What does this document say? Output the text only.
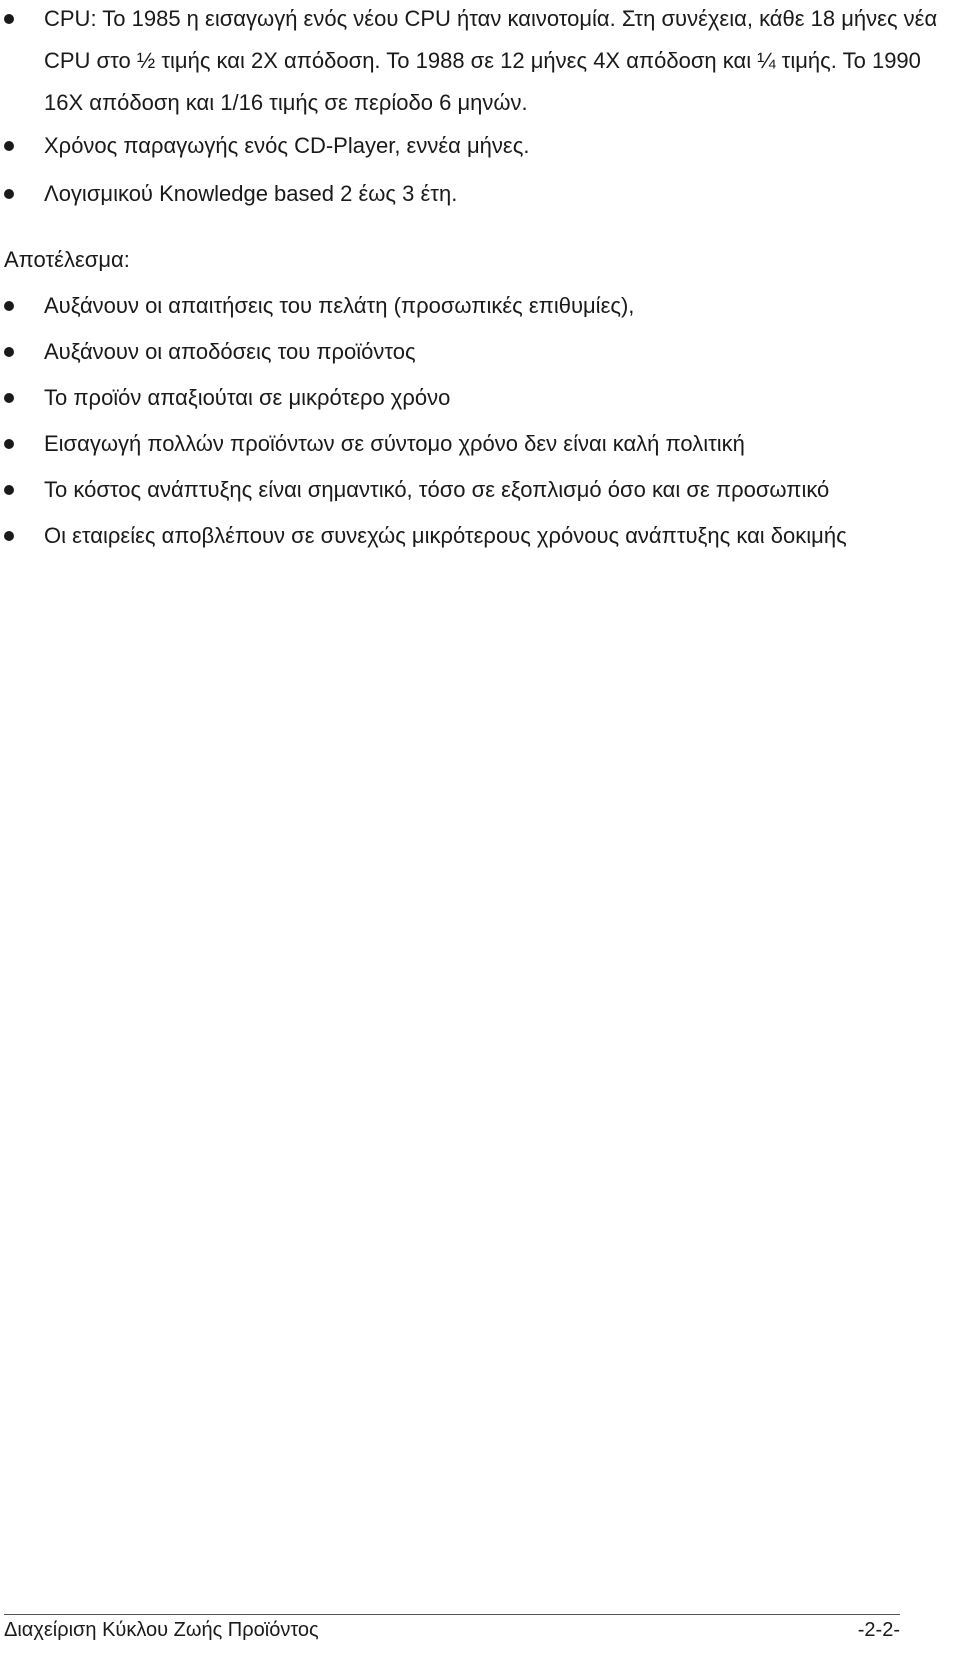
CPU: To 1985 η εισαγωγή ενός νέου CPU ήταν καινοτομία. Στη συνέχεια, κάθε 18 μήνες νέα CPU στο ½ τιμής και 2X απόδοση. Το 1988 σε 12 μήνες 4X απόδοση και ¼ τιμής. Το 1990 16X απόδοση και 1/16 τιμής σε περίοδο 6 μηνών.
Χρόνος παραγωγής ενός CD-Player, εννέα μήνες.
Λογισμικού Knowledge based 2 έως 3 έτη.

Αποτέλεσμα:

Αυξάνουν οι απαιτήσεις του πελάτη (προσωπικές επιθυμίες),
Αυξάνουν οι αποδόσεις του προϊόντος
Το προϊόν απαξιούται σε μικρότερο χρόνο
Εισαγωγή πολλών προϊόντων σε σύντομο χρόνο δεν είναι καλή πολιτική
Το κόστος ανάπτυξης είναι σημαντικό, τόσο σε εξοπλισμό όσο και σε προσωπικό
Οι εταιρείες αποβλέπουν σε συνεχώς μικρότερους χρόνους ανάπτυξης και δοκιμής
Διαχείριση Κύκλου Ζωής Προϊόντος	-2-2-
